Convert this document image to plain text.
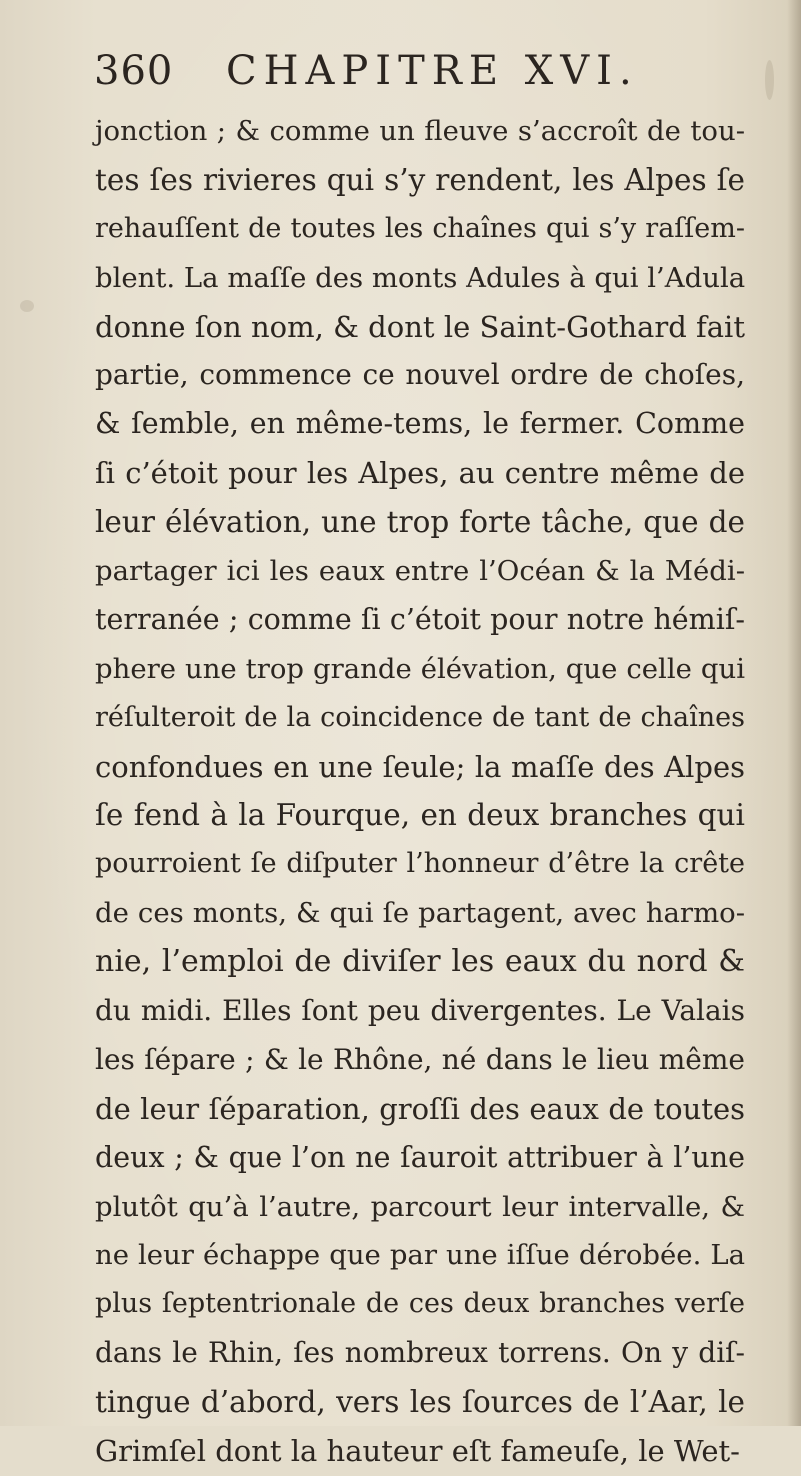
360 CHAPITRE XVI.
jonction ; & comme un fleuve s’accroît de tou-
tes ſes rivieres qui s’y rendent, les Alpes ſe
rehauſſent de toutes les chaînes qui s’y raſſem-
blent. La maſſe des monts Adules à qui l’Adula
donne ſon nom, & dont le Saint-Gothard fait
partie, commence ce nouvel ordre de choſes,
& ſemble, en même-tems, le fermer. Comme
ſi c’étoit pour les Alpes, au centre même de
leur élévation, une trop forte tâche, que de
partager ici les eaux entre l’Océan & la Médi-
terranée ; comme ſi c’étoit pour notre hémiſ-
phere une trop grande élévation, que celle qui
réſulteroit de la coincidence de tant de chaînes
confondues en une ſeule; la maſſe des Alpes
ſe fend à la Fourque, en deux branches qui
pourroient ſe diſputer l’honneur d’être la crête
de ces monts, & qui ſe partagent, avec harmo-
nie, l’emploi de diviſer les eaux du nord &
du midi. Elles ſont peu divergentes. Le Valais
les ſépare ; & le Rhône, né dans le lieu même
de leur ſéparation, groſſi des eaux de toutes
deux ; & que l’on ne ſauroit attribuer à l’une
plutôt qu’à l’autre, parcourt leur intervalle, &
ne leur échappe que par une iſſue dérobée. La
plus ſeptentrionale de ces deux branches verſe
dans le Rhin, ſes nombreux torrens. On y diſ-
tingue d’abord, vers les ſources de l’Aar, le
Grimſel dont la hauteur eſt fameuſe, le Wet-
